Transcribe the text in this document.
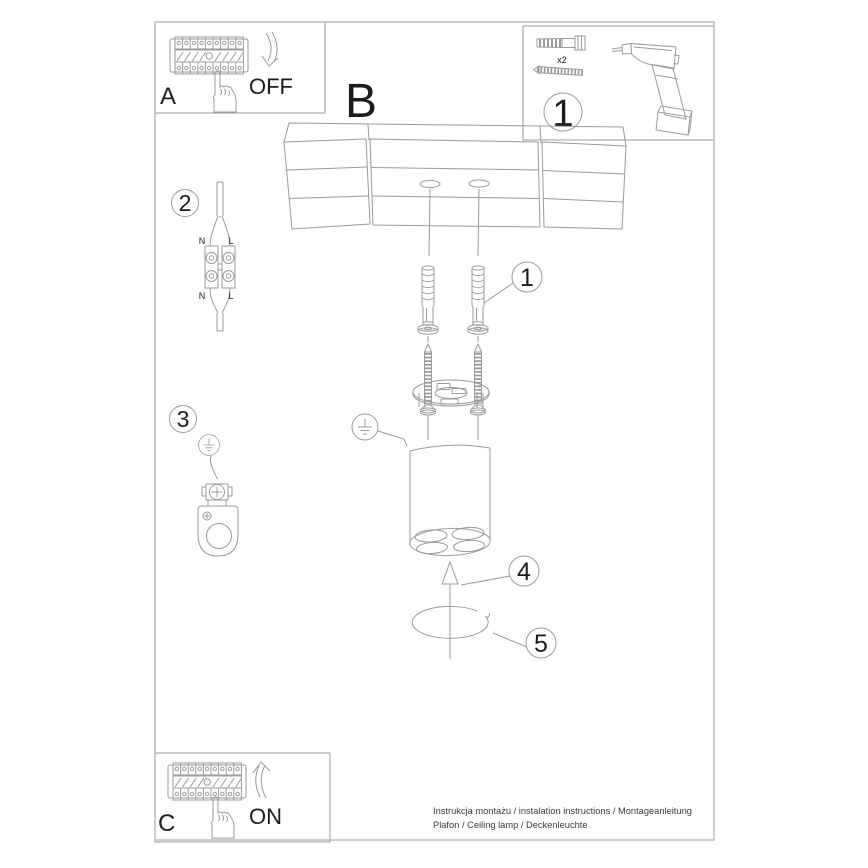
A	OFF B
x2
1
2
N	L
N	L
3
1
4
5
C	ON	Instrukcja montażu / instalation instructions / Montageanleitung
Plafon / Ceiling lamp / Deckenleuchte
